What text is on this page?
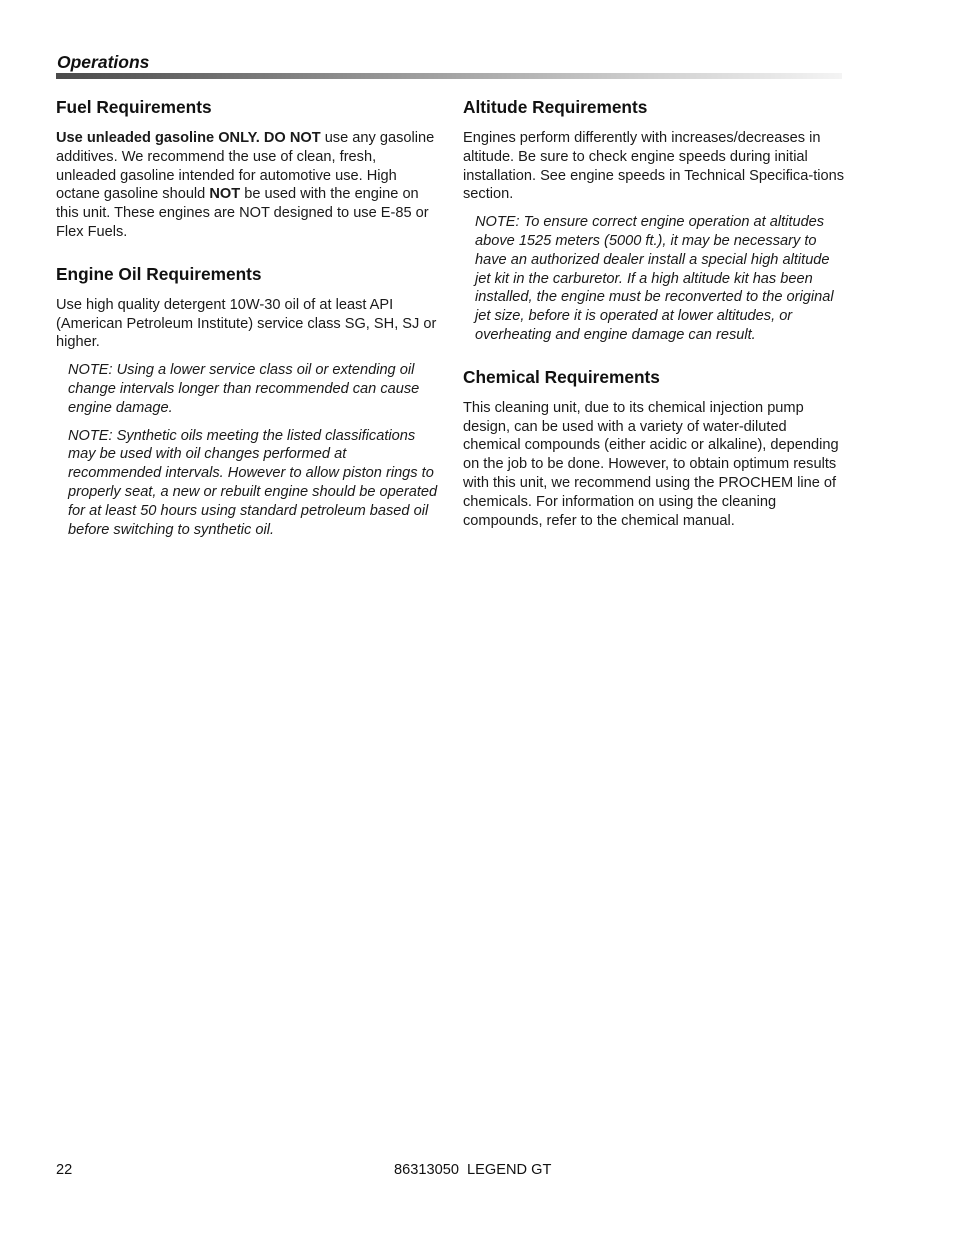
Operations
Fuel Requirements

Use unleaded gasoline ONLY. DO NOT use any gasoline additives. We recommend the use of clean, fresh, unleaded gasoline intended for automotive use. High octane gasoline should NOT be used with the engine on this unit. These engines are NOT designed to use E-85 or Flex Fuels.

Engine Oil Requirements

Use high quality detergent 10W-30 oil of at least API (American Petroleum Institute) service class SG, SH, SJ or higher.

NOTE: Using a lower service class oil or extending oil change intervals longer than recommended can cause engine damage.

NOTE: Synthetic oils meeting the listed classifications may be used with oil changes performed at recommended intervals. However to allow piston rings to properly seat, a new or rebuilt engine should be operated for at least 50 hours using standard petroleum based oil before switching to synthetic oil.

Altitude Requirements

Engines perform differently with increases/decreases in altitude. Be sure to check engine speeds during initial installation. See engine speeds in Technical Specifica-tions section.

NOTE: To ensure correct engine operation at altitudes above 1525 meters (5000 ft.), it may be necessary to have an authorized dealer install a special high altitude jet kit in the carburetor. If a high altitude kit has been installed, the engine must be reconverted to the original jet size, before it is operated at lower altitudes, or overheating and engine damage can result.

Chemical Requirements

This cleaning unit, due to its chemical injection pump design, can be used with a variety of water-diluted chemical compounds (either acidic or alkaline), depending on the job to be done. However, to obtain optimum results with this unit, we recommend using the PROCHEM line of chemicals. For information on using the cleaning compounds, refer to the chemical manual.

22	86313050  LEGEND GT
